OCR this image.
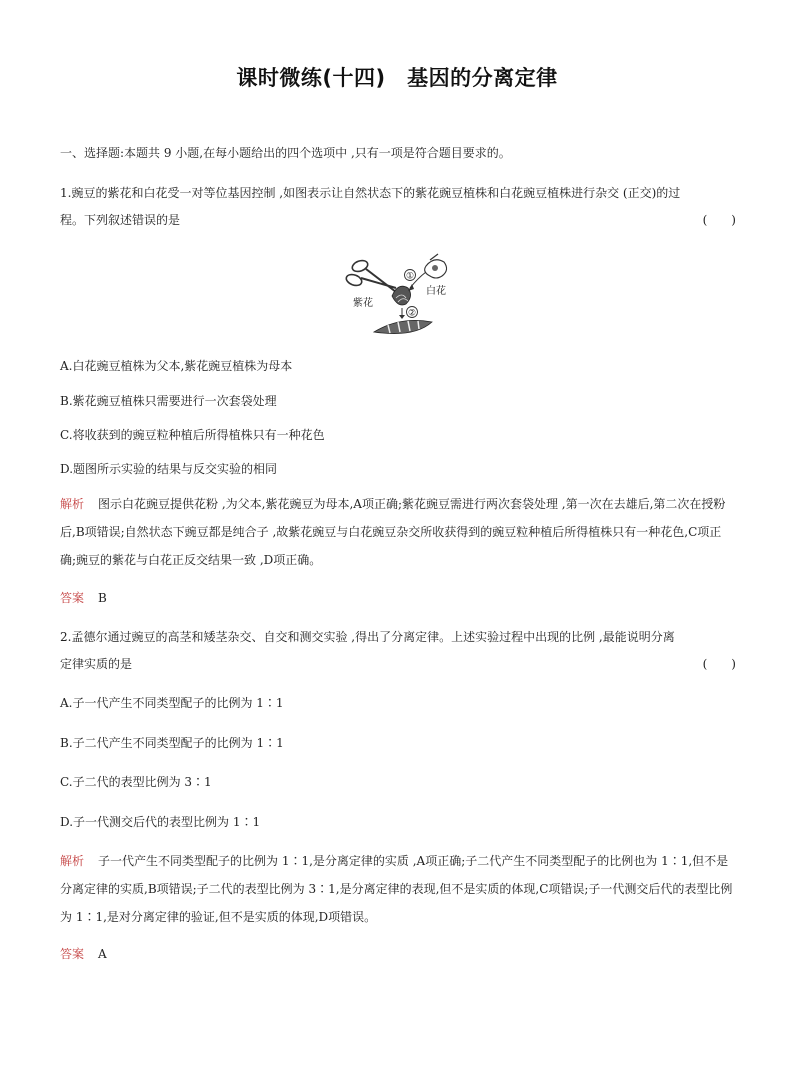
课时微练(十四)　基因的分离定律
一、选择题:本题共 9 小题,在每小题给出的四个选项中 ,只有一项是符合题目要求的。
1.豌豆的紫花和白花受一对等位基因控制 ,如图表示让自然状态下的紫花豌豆植株和白花豌豆植株进行杂交 (正交)的过
程。下列叙述错误的是	(　　)
①
②
紫花
白花
A.白花豌豆植株为父本,紫花豌豆植株为母本
B.紫花豌豆植株只需要进行一次套袋处理
C.将收获到的豌豆粒种植后所得植株只有一种花色
D.题图所示实验的结果与反交实验的相同
解析 图示白花豌豆提供花粉 ,为父本,紫花豌豆为母本,A项正确;紫花豌豆需进行两次套袋处理 ,第一次在去雄后,第二次在授粉后,B项错误;自然状态下豌豆都是纯合子 ,故紫花豌豆与白花豌豆杂交所收获得到的豌豆粒种植后所得植株只有一种花色,C项正确;豌豆的紫花与白花正反交结果一致 ,D项正确。
答案 B
2.孟德尔通过豌豆的高茎和矮茎杂交、自交和测交实验 ,得出了分离定律。上述实验过程中出现的比例 ,最能说明分离
定律实质的是	(　　)
A.子一代产生不同类型配子的比例为 1∶1
B.子二代产生不同类型配子的比例为 1∶1
C.子二代的表型比例为 3∶1
D.子一代测交后代的表型比例为 1∶1
解析 子一代产生不同类型配子的比例为 1∶1,是分离定律的实质 ,A项正确;子二代产生不同类型配子的比例也为 1∶1,但不是分离定律的实质,B项错误;子二代的表型比例为 3∶1,是分离定律的表现,但不是实质的体现,C项错误;子一代测交后代的表型比例为 1∶1,是对分离定律的验证,但不是实质的体现,D项错误。
答案 A
